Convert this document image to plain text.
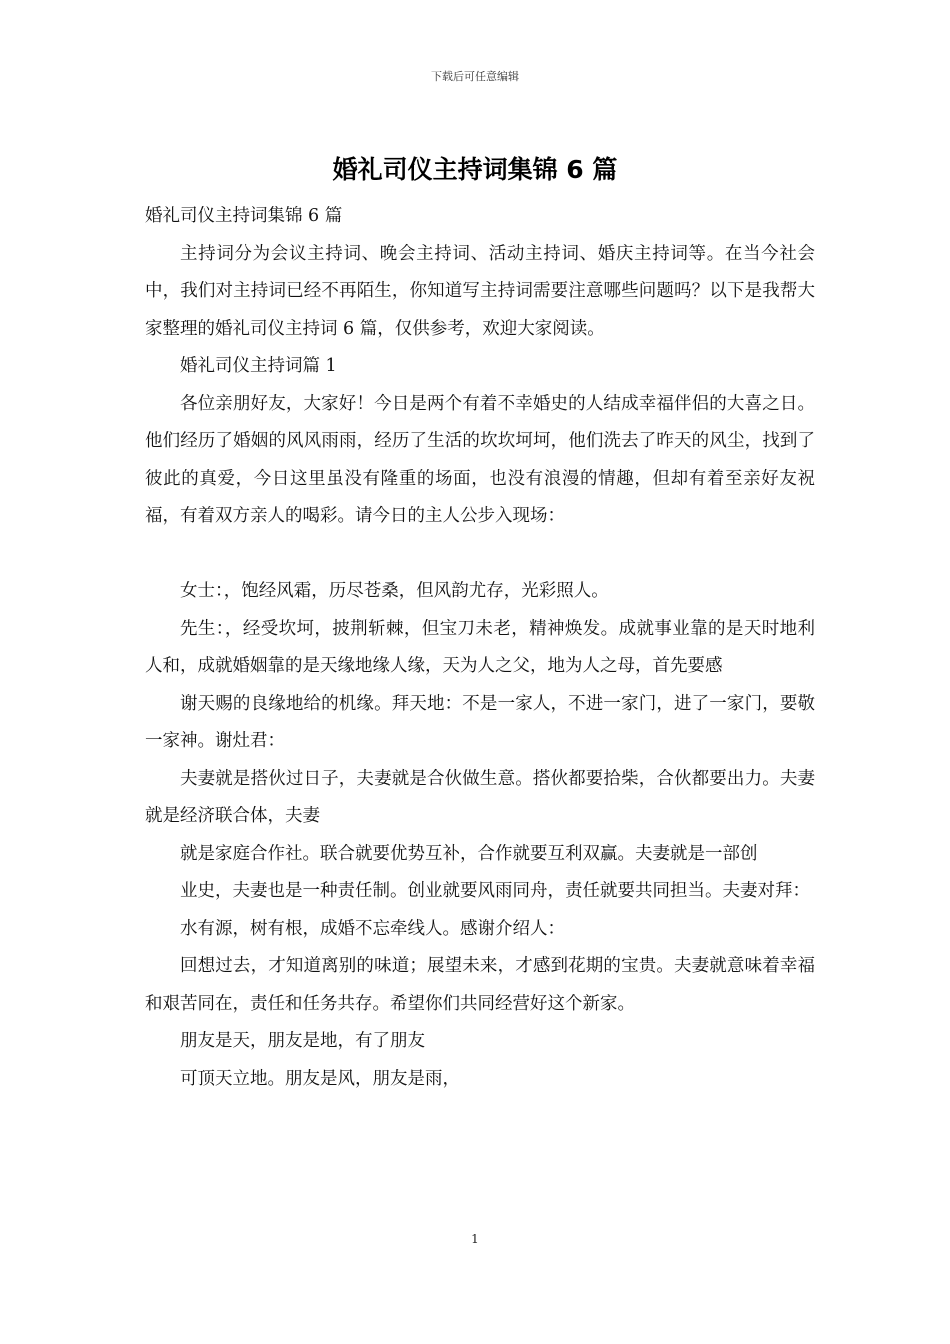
下载后可任意编辑
婚礼司仪主持词集锦 6 篇

婚礼司仪主持词集锦 6 篇

主持词分为会议主持词、晚会主持词、活动主持词、婚庆主持词等。在当今社会中，我们对主持词已经不再陌生，你知道写主持词需要注意哪些问题吗？以下是我帮大家整理的婚礼司仪主持词 6 篇，仅供参考，欢迎大家阅读。

婚礼司仪主持词篇 1

各位亲朋好友，大家好！今日是两个有着不幸婚史的人结成幸福伴侣的大喜之日。他们经历了婚姻的风风雨雨，经历了生活的坎坎坷坷，他们洗去了昨天的风尘，找到了彼此的真爱，今日这里虽没有隆重的场面，也没有浪漫的情趣，但却有着至亲好友祝福，有着双方亲人的喝彩。请今日的主人公步入现场：

女士：，饱经风霜，历尽苍桑，但风韵尤存，光彩照人。

先生：，经受坎坷，披荆斩棘，但宝刀未老，精神焕发。成就事业靠的是天时地利人和，成就婚姻靠的是天缘地缘人缘，天为人之父，地为人之母，首先要感

谢天赐的良缘地给的机缘。拜天地：不是一家人，不进一家门，进了一家门，要敬一家神。谢灶君：

夫妻就是搭伙过日子，夫妻就是合伙做生意。搭伙都要拾柴，合伙都要出力。夫妻就是经济联合体，夫妻

就是家庭合作社。联合就要优势互补，合作就要互利双赢。夫妻就是一部创

业史，夫妻也是一种责任制。创业就要风雨同舟，责任就要共同担当。夫妻对拜：

水有源，树有根，成婚不忘牵线人。感谢介绍人：

回想过去，才知道离别的味道；展望未来，才感到花期的宝贵。夫妻就意味着幸福和艰苦同在，责任和任务共存。希望你们共同经营好这个新家。

朋友是天，朋友是地，有了朋友

可顶天立地。朋友是风，朋友是雨，

1
